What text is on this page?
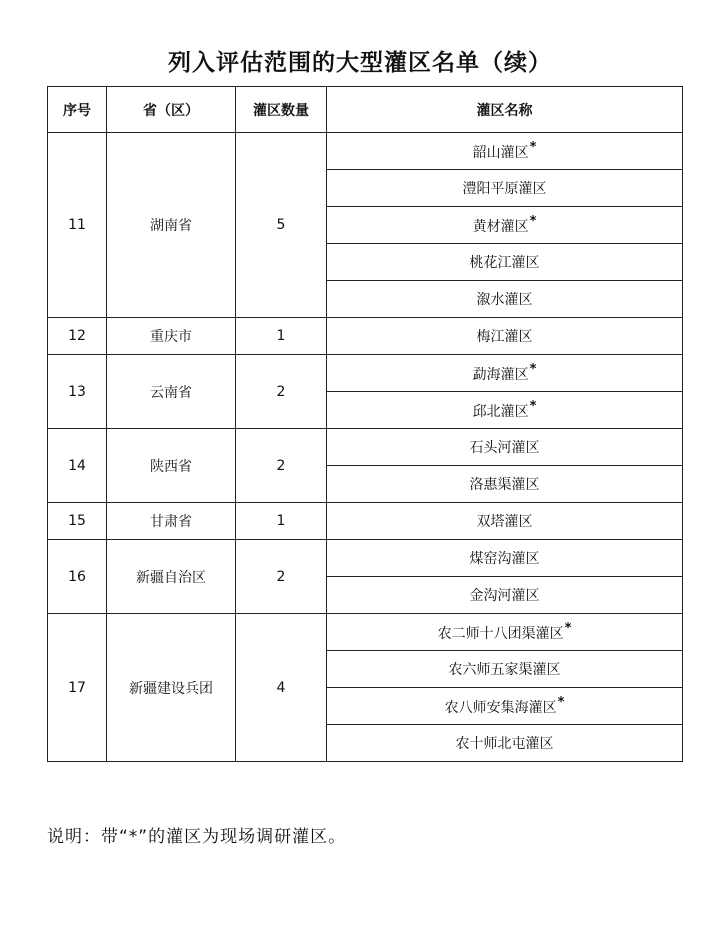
列入评估范围的大型灌区名单（续）
序号	省（区）	灌区数量	灌区名称
11	湖南省	5	韶山灌区*
			澧阳平原灌区
			黄材灌区*
			桃花江灌区
			溆水灌区
12	重庆市	1	梅江灌区
13	云南省	2	勐海灌区*
			邱北灌区*
14	陕西省	2	石头河灌区
			洛惠渠灌区
15	甘肃省	1	双塔灌区
16	新疆自治区	2	煤窑沟灌区
			金沟河灌区
17	新疆建设兵团	4	农二师十八团渠灌区*
			农六师五家渠灌区
			农八师安集海灌区*
			农十师北屯灌区
说明：带“*”的灌区为现场调研灌区。
